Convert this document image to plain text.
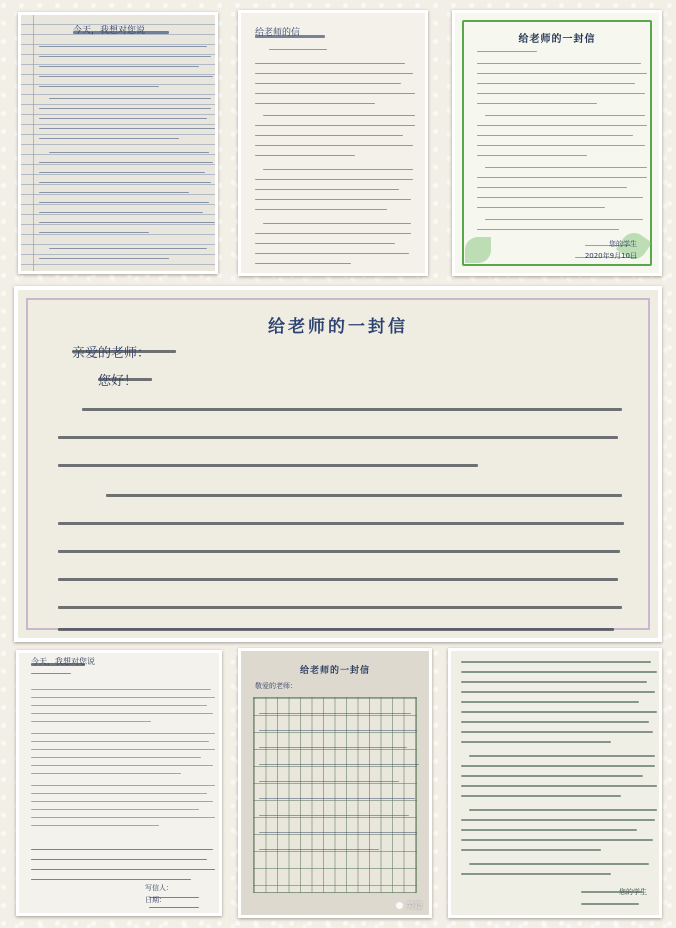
今天，我想对您说	给老师的信
给老师的一封信
您的学生
2020年9月10日
给老师的一封信
亲爱的老师：
您好！
今天，我想对您说
写信人：
日期：
给老师的一封信
敬爱的老师：
美篇
您的学生
